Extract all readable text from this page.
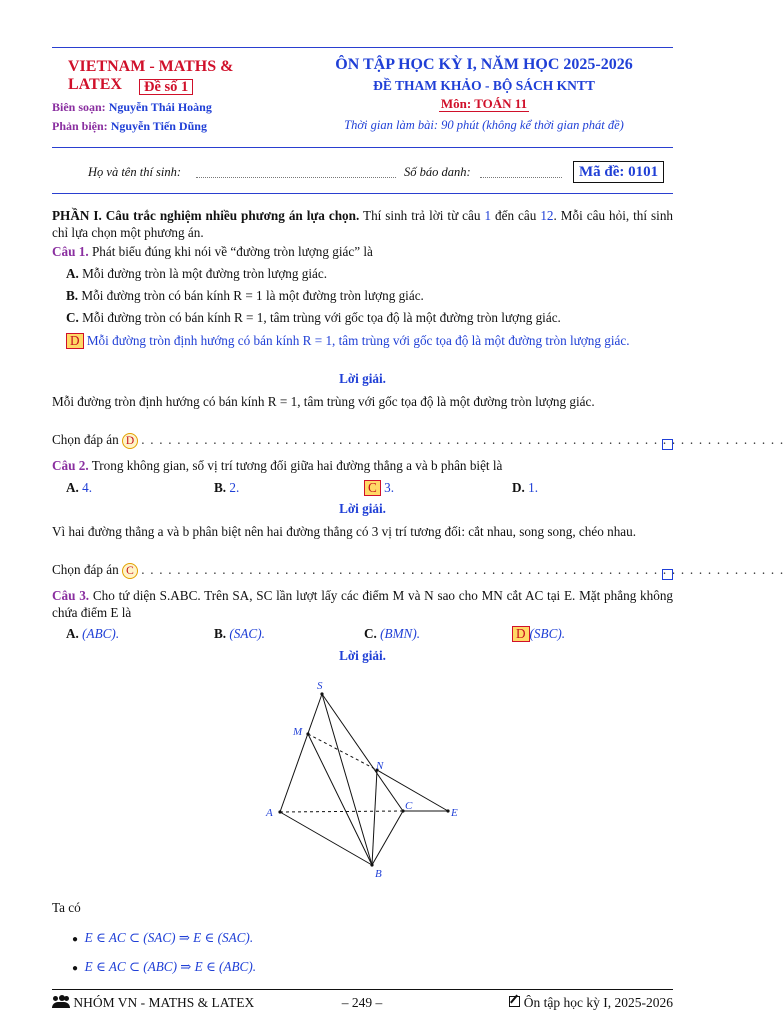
VIETNAM - MATHS & LATEX	Đề số 1
Biên soạn: Nguyễn Thái Hoàng
Phản biện: Nguyễn Tiến Dũng
ÔN TẬP HỌC KỲ I, NĂM HỌC 2025-2026
ĐỀ THAM KHẢO - BỘ SÁCH KNTT
Môn: TOÁN 11
Thời gian làm bài: 90 phút (không kể thời gian phát đề)
Họ và tên thí sinh:	Số báo danh:	Mã đề: 0101
PHẦN I. Câu trắc nghiệm nhiều phương án lựa chọn. Thí sinh trả lời từ câu 1 đến câu 12. Mỗi câu hỏi, thí sinh chỉ lựa chọn một phương án.
Câu 1. Phát biểu đúng khi nói về “đường tròn lượng giác” là
A. Mỗi đường tròn là một đường tròn lượng giác.
B. Mỗi đường tròn có bán kính R = 1 là một đường tròn lượng giác.
C. Mỗi đường tròn có bán kính R = 1, tâm trùng với gốc tọa độ là một đường tròn lượng giác.
D Mỗi đường tròn định hướng có bán kính R = 1, tâm trùng với gốc tọa độ là một đường tròn lượng giác.
Lời giải.
Mỗi đường tròn định hướng có bán kính R = 1, tâm trùng với gốc tọa độ là một đường tròn lượng giác.
Chọn đáp án D . . . . . . . . . . . . . . . . . . . . . . . . . . . . . . . . . . . . . . . . . . . . . . . . . . . . . . . . . . . . . . . . . . . . . . . .
Câu 2. Trong không gian, số vị trí tương đối giữa hai đường thẳng a và b phân biệt là
A. 4.	B. 2.	C 3.	D. 1.
Lời giải.
Vì hai đường thẳng a và b phân biệt nên hai đường thẳng có 3 vị trí tương đối: cắt nhau, song song, chéo nhau.
Chọn đáp án C . . . . . . . . . . . . . . . . . . . . . . . . . . . . . . . . . . . . . . . . . . . . . . . . . . . . . . . . . . . . . . . . . . . . . . . .
Câu 3. Cho tứ diện S.ABC. Trên SA, SC lần lượt lấy các điểm M và N sao cho MN cắt AC tại E. Mặt phẳng không chứa điểm E là
A. (ABC).	B. (SAC).	C. (BMN).	D (SBC).
Lời giải.
S
M
N
A
C
E
B
Ta có
● E ∈ AC ⊂ (SAC) ⇒ E ∈ (SAC).
● E ∈ AC ⊂ (ABC) ⇒ E ∈ (ABC).
NHÓM VN - MATHS & LATEX	– 249 –	Ôn tập học kỳ I, 2025-2026
